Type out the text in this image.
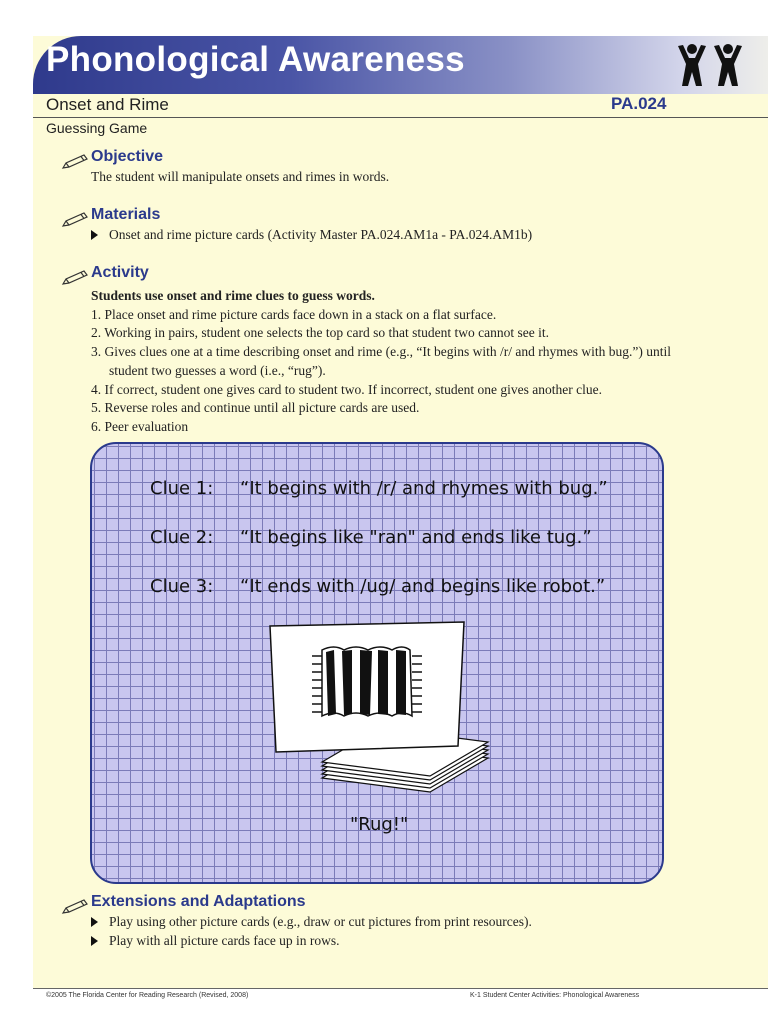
Phonological Awareness
Onset and Rime	PA.024
Guessing Game
Objective
The student will manipulate onsets and rimes in words.
Materials
Onset and rime picture cards (Activity Master PA.024.AM1a - PA.024.AM1b)
Activity
Students use onset and rime clues to guess words.
1. Place onset and rime picture cards face down in a stack on a flat surface.
2. Working in pairs, student one selects the top card so that student two cannot see it.
3. Gives clues one at a time describing onset and rime (e.g., “It begins with /r/ and rhymes with bug.”) until student two guesses a word (i.e., “rug”).
4. If correct, student one gives card to student two. If incorrect, student one gives another clue.
5. Reverse roles and continue until all picture cards are used.
6. Peer evaluation
Clue 1: “It begins with /r/ and rhymes with bug.”
Clue 2: “It begins like "ran" and ends like tug.”
Clue 3: “It ends with /ug/ and begins like robot.”
"Rug!"
Extensions and Adaptations
Play using other picture cards (e.g., draw or cut pictures from print resources).
Play with all picture cards face up in rows.
©2005 The Florida Center for Reading Research (Revised, 2008)	K-1 Student Center Activities: Phonological Awareness
